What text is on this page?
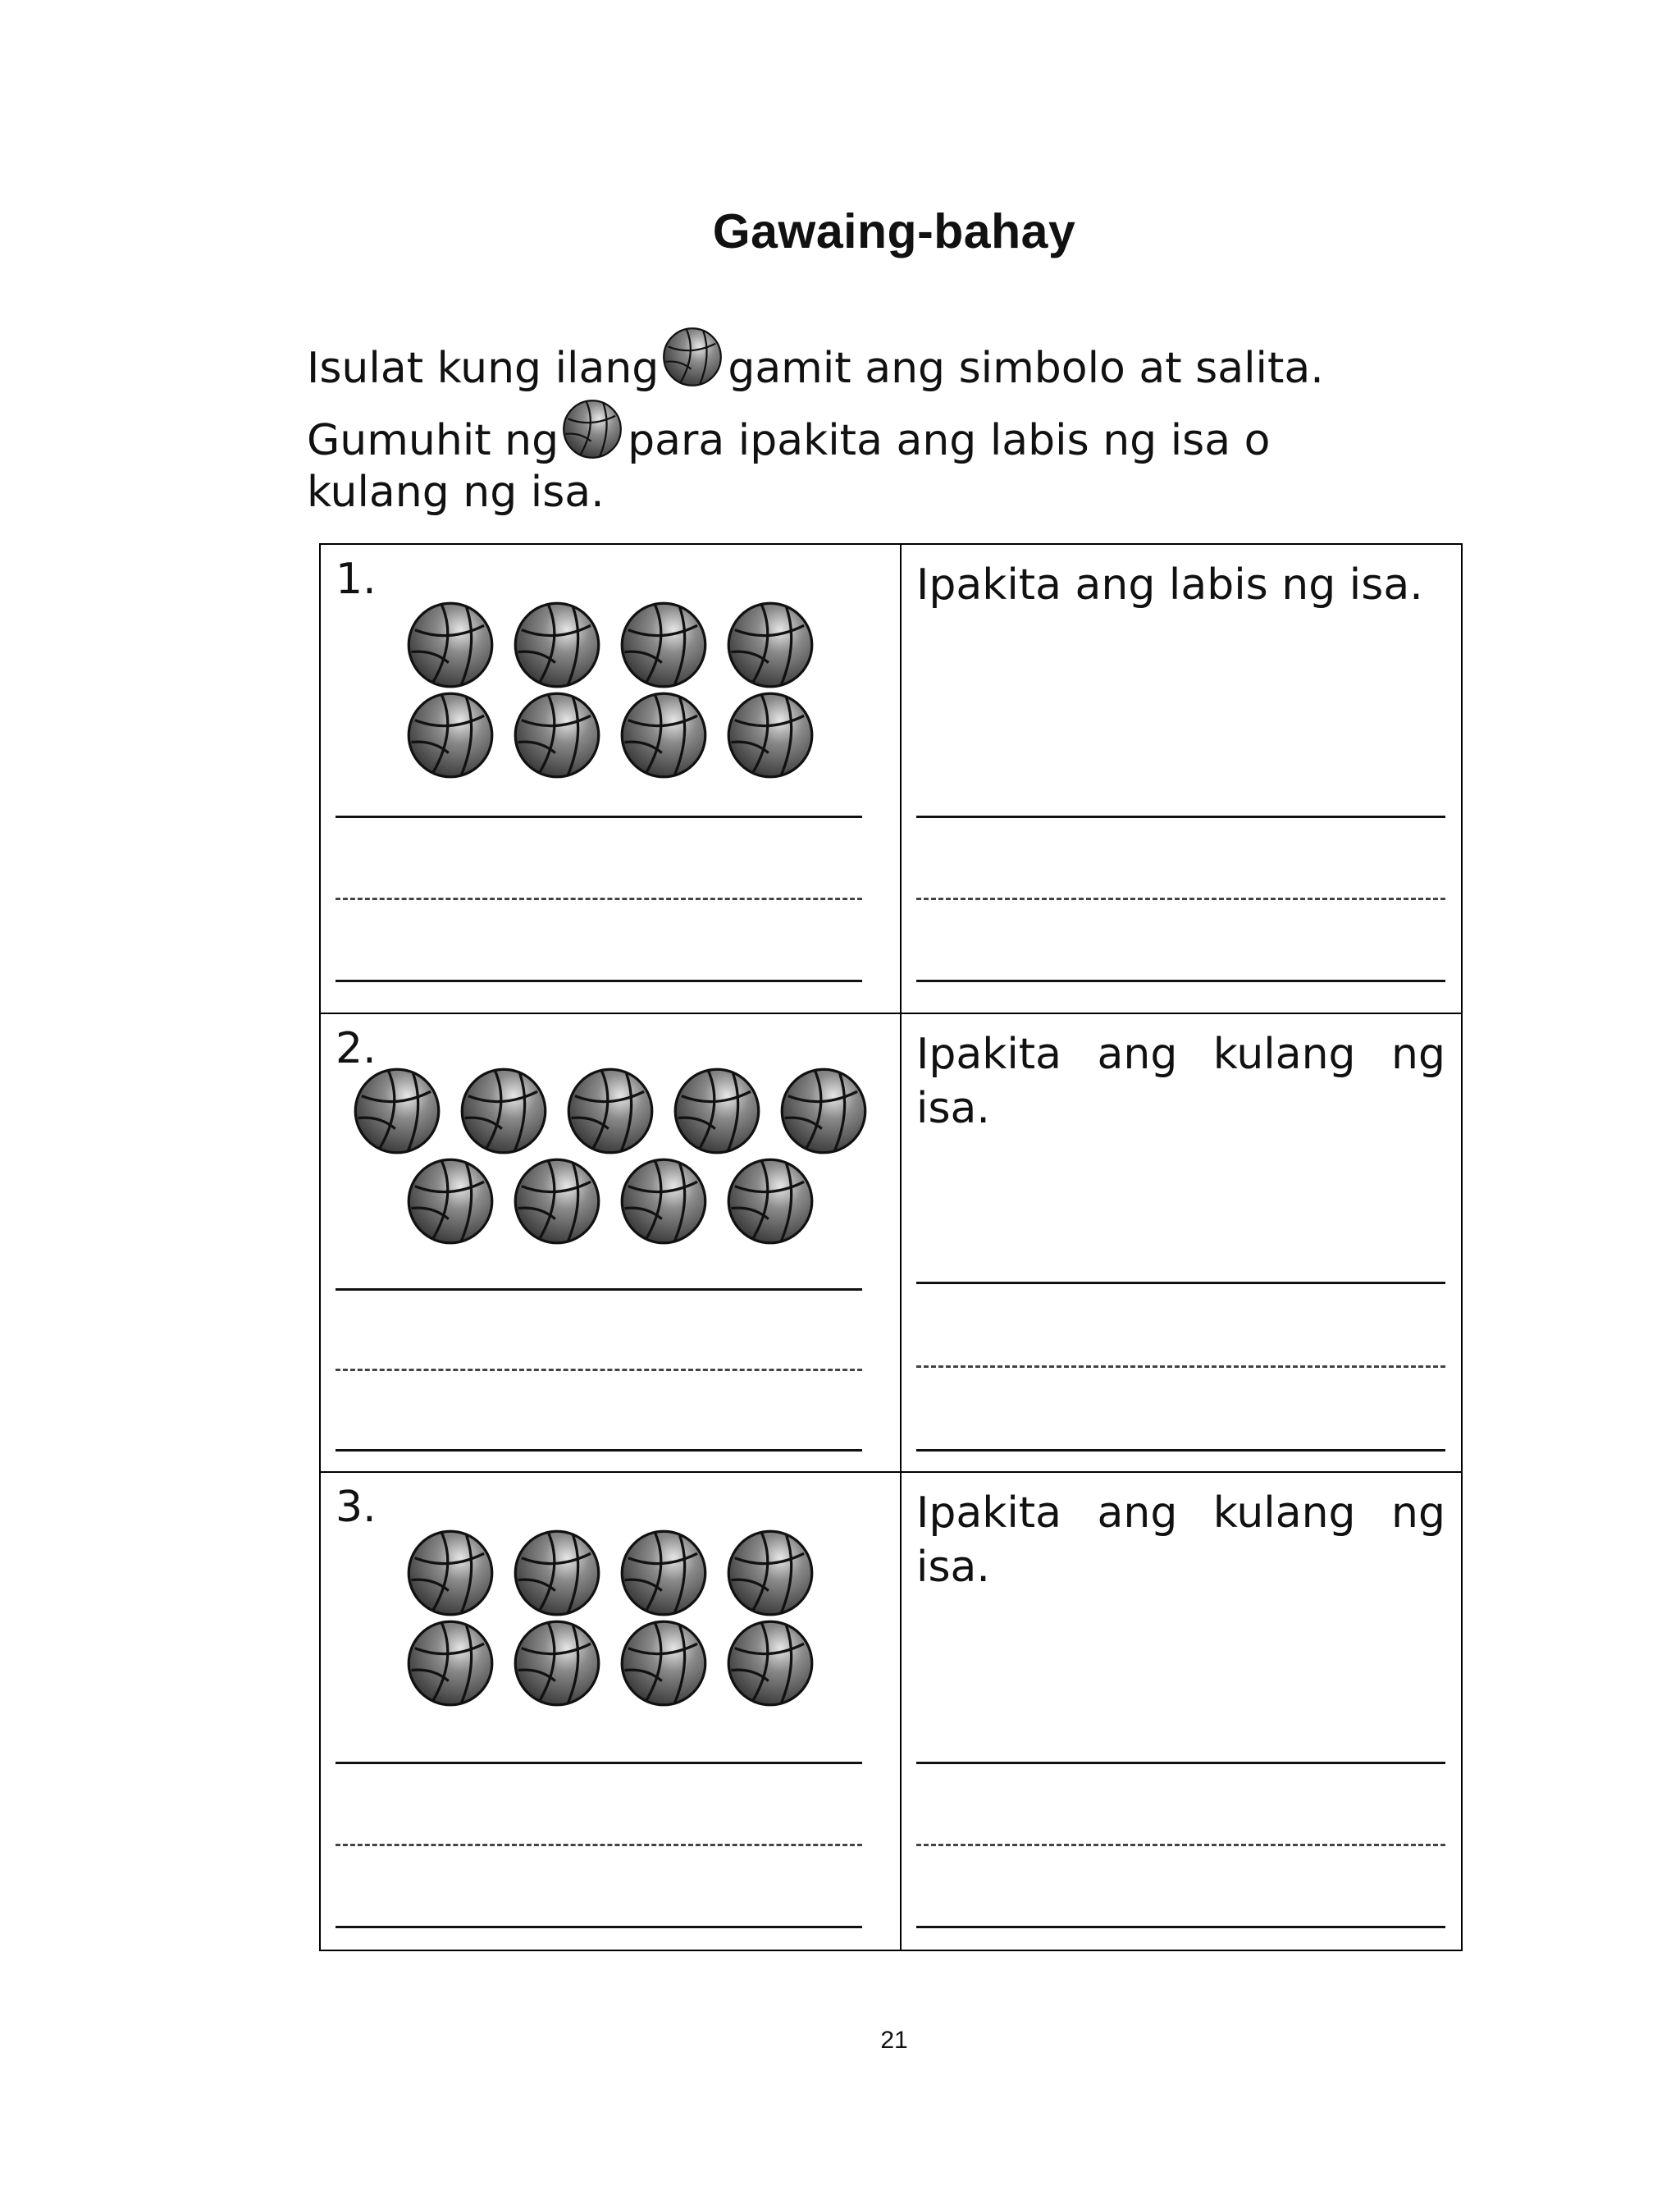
Gawaing-bahay
Isulat kung ilang gamit ang simbolo at salita.
Gumuhit ng para ipakita ang labis ng isa o
kulang ng isa.
1.	Ipakita ang labis ng isa.
2.	Ipakita ang kulang ng isa.
3.	Ipakita ang kulang ng isa.
21
